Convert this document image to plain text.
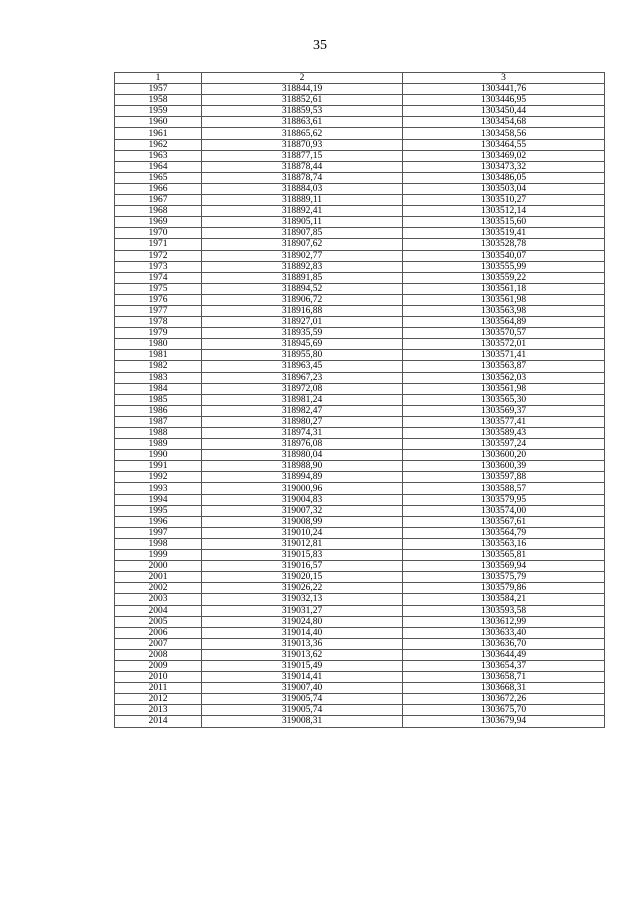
35
1	2	3
1957	318844,19	1303441,76
1958	318852,61	1303446,95
1959	318859,53	1303450,44
1960	318863,61	1303454,68
1961	318865,62	1303458,56
1962	318870,93	1303464,55
1963	318877,15	1303469,02
1964	318878,44	1303473,32
1965	318878,74	1303486,05
1966	318884,03	1303503,04
1967	318889,11	1303510,27
1968	318892,41	1303512,14
1969	318905,11	1303515,60
1970	318907,85	1303519,41
1971	318907,62	1303528,78
1972	318902,77	1303540,07
1973	318892,83	1303555,99
1974	318891,85	1303559,22
1975	318894,52	1303561,18
1976	318906,72	1303561,98
1977	318916,88	1303563,98
1978	318927,01	1303564,89
1979	318935,59	1303570,57
1980	318945,69	1303572,01
1981	318955,80	1303571,41
1982	318963,45	1303563,87
1983	318967,23	1303562,03
1984	318972,08	1303561,98
1985	318981,24	1303565,30
1986	318982,47	1303569,37
1987	318980,27	1303577,41
1988	318974,31	1303589,43
1989	318976,08	1303597,24
1990	318980,04	1303600,20
1991	318988,90	1303600,39
1992	318994,89	1303597,88
1993	319000,96	1303588,57
1994	319004,83	1303579,95
1995	319007,32	1303574,00
1996	319008,99	1303567,61
1997	319010,24	1303564,79
1998	319012,81	1303563,16
1999	319015,83	1303565,81
2000	319016,57	1303569,94
2001	319020,15	1303575,79
2002	319026,22	1303579,86
2003	319032,13	1303584,21
2004	319031,27	1303593,58
2005	319024,80	1303612,99
2006	319014,40	1303633,40
2007	319013,36	1303636,70
2008	319013,62	1303644,49
2009	319015,49	1303654,37
2010	319014,41	1303658,71
2011	319007,40	1303668,31
2012	319005,74	1303672,26
2013	319005,74	1303675,70
2014	319008,31	1303679,94
